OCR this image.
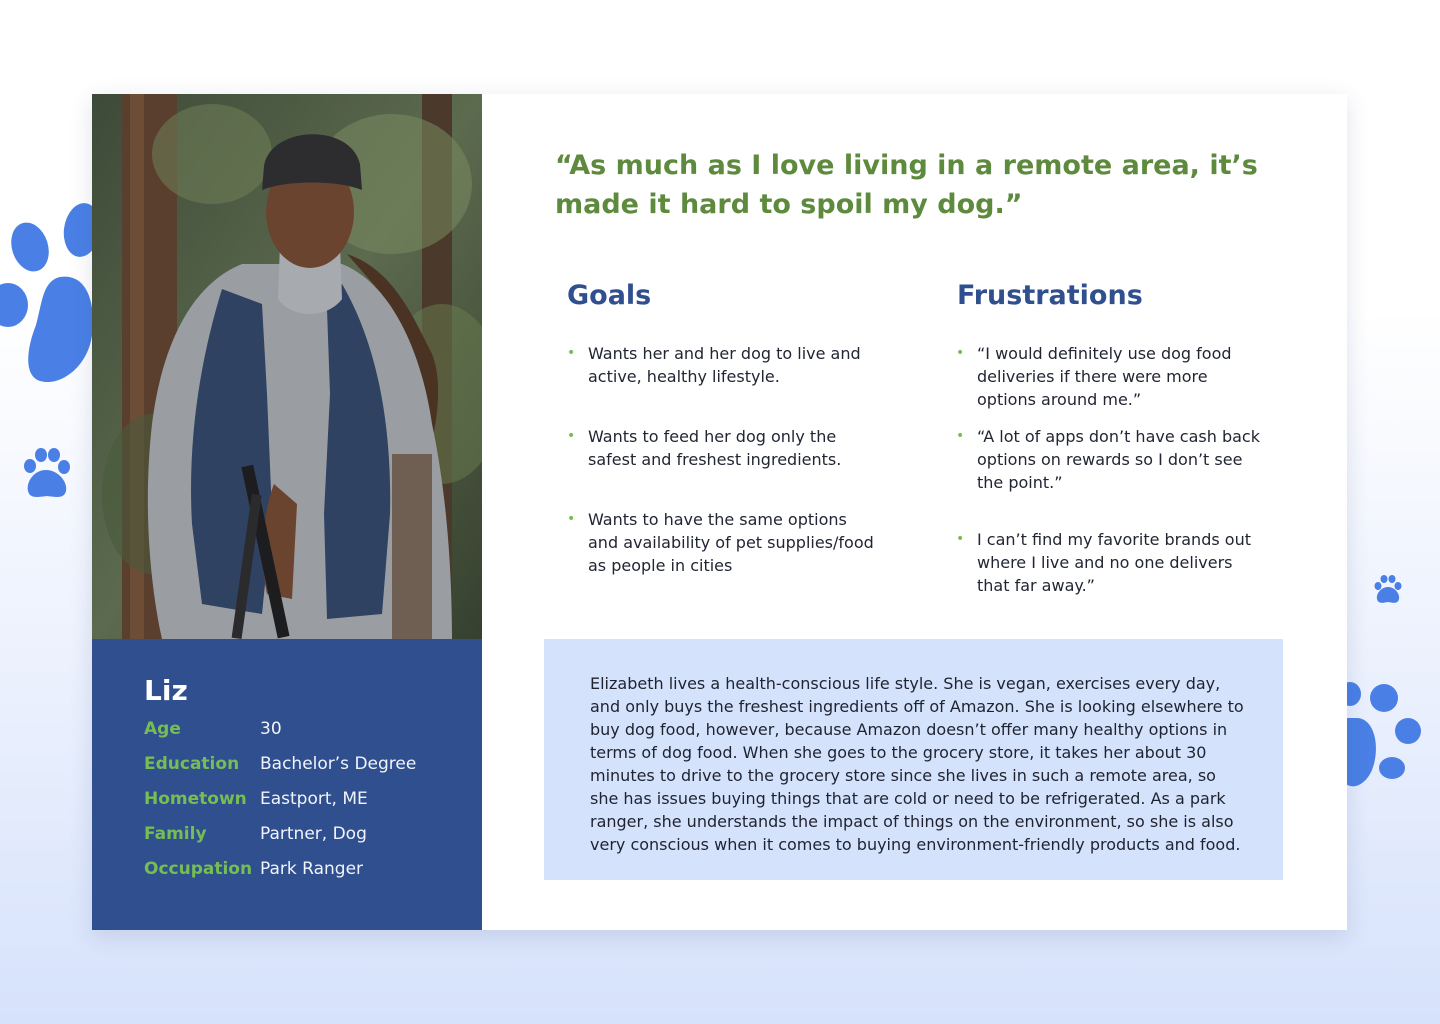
Liz
Age	30
Education	Bachelor’s Degree
Hometown Eastport, ME
Family	Partner, Dog
Occupation Park Ranger

“As much as I love living in a remote area, it’s made it hard to spoil my dog.”

Goals
• Wants her and her dog to live and active, healthy lifestyle.
• Wants to feed her dog only the safest and freshest ingredients.
• Wants to have the same options and availability of pet supplies/food as people in cities
Frustrations
• “I would definitely use dog food deliveries if there were more options around me.”
• “A lot of apps don’t have cash back options on rewards so I don’t see the point.”
• I can’t find my favorite brands out where I live and no one delivers that far away.”

Elizabeth lives a health-conscious life style. She is vegan, exercises every day, and only buys the freshest ingredients off of Amazon. She is looking elsewhere to buy dog food, however, because Amazon doesn’t offer many healthy options in terms of dog food. When she goes to the grocery store, it takes her about 30 minutes to drive to the grocery store since she lives in such a remote area, so she has issues buying things that are cold or need to be refrigerated. As a park ranger, she understands the impact of things on the environment, so she is also very conscious when it comes to buying environment-friendly products and food.
